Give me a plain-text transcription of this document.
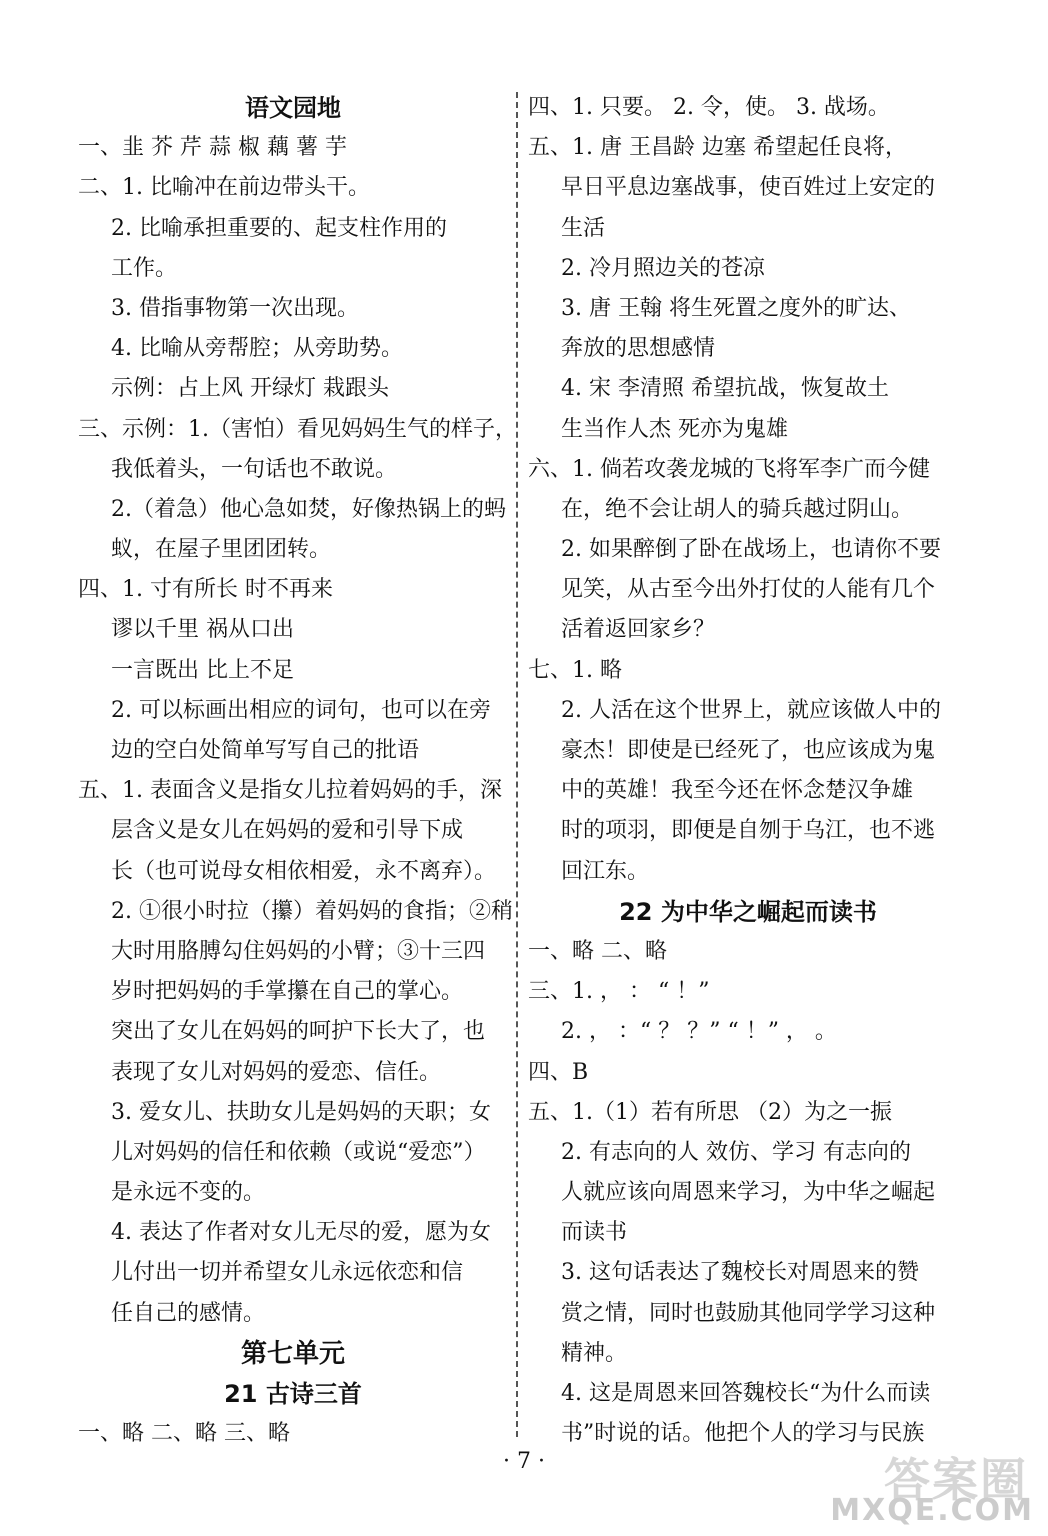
语文园地
一、韭 芥 芹 蒜 椒 藕 薯 芋
二、1. 比喻冲在前边带头干。
2. 比喻承担重要的、起支柱作用的
工作。
3. 借指事物第一次出现。
4. 比喻从旁帮腔；从旁助势。
示例：占上风 开绿灯 栽跟头
三、示例：1.（害怕）看见妈妈生气的样子，
我低着头，一句话也不敢说。
2.（着急）他心急如焚，好像热锅上的蚂
蚁，在屋子里团团转。
四、1. 寸有所长 时不再来
谬以千里 祸从口出
一言既出 比上不足
2. 可以标画出相应的词句，也可以在旁
边的空白处简单写写自己的批语
五、1. 表面含义是指女儿拉着妈妈的手，深
层含义是女儿在妈妈的爱和引导下成
长（也可说母女相依相爱，永不离弃）。
2. ①很小时拉（攥）着妈妈的食指；②稍
大时用胳膊勾住妈妈的小臂；③十三四
岁时把妈妈的手掌攥在自己的掌心。
突出了女儿在妈妈的呵护下长大了，也
表现了女儿对妈妈的爱恋、信任。
3. 爱女儿、扶助女儿是妈妈的天职；女
儿对妈妈的信任和依赖（或说“爱恋”）
是永远不变的。
4. 表达了作者对女儿无尽的爱，愿为女
儿付出一切并希望女儿永远依恋和信
任自己的感情。
第七单元
21 古诗三首
一、略 二、略 三、略
四、1. 只要。 2. 令，使。 3. 战场。
五、1. 唐 王昌龄 边塞 希望起任良将，
早日平息边塞战事，使百姓过上安定的
生活
2. 冷月照边关的苍凉
3. 唐 王翰 将生死置之度外的旷达、
奔放的思想感情
4. 宋 李清照 希望抗战，恢复故土
生当作人杰 死亦为鬼雄
六、1. 倘若攻袭龙城的飞将军李广而今健
在，绝不会让胡人的骑兵越过阴山。
2. 如果醉倒了卧在战场上，也请你不要
见笑，从古至今出外打仗的人能有几个
活着返回家乡？
七、1. 略
2. 人活在这个世界上，就应该做人中的
豪杰！即使是已经死了，也应该成为鬼
中的英雄！我至今还在怀念楚汉争雄
时的项羽，即便是自刎于乌江，也不逃
回江东。
22 为中华之崛起而读书
一、略 二、略
三、1. ， ： “ ！”
2. ， ：“ ？ ？” “ ！” ， 。
四、B
五、1.（1）若有所思 （2）为之一振
2. 有志向的人 效仿、学习 有志向的
人就应该向周恩来学习，为中华之崛起
而读书
3. 这句话表达了魏校长对周恩来的赞
赏之情，同时也鼓励其他同学学习这种
精神。
4. 这是周恩来回答魏校长“为什么而读
书”时说的话。他把个人的学习与民族
· 7 ·	答案圈
MXQE.COM
